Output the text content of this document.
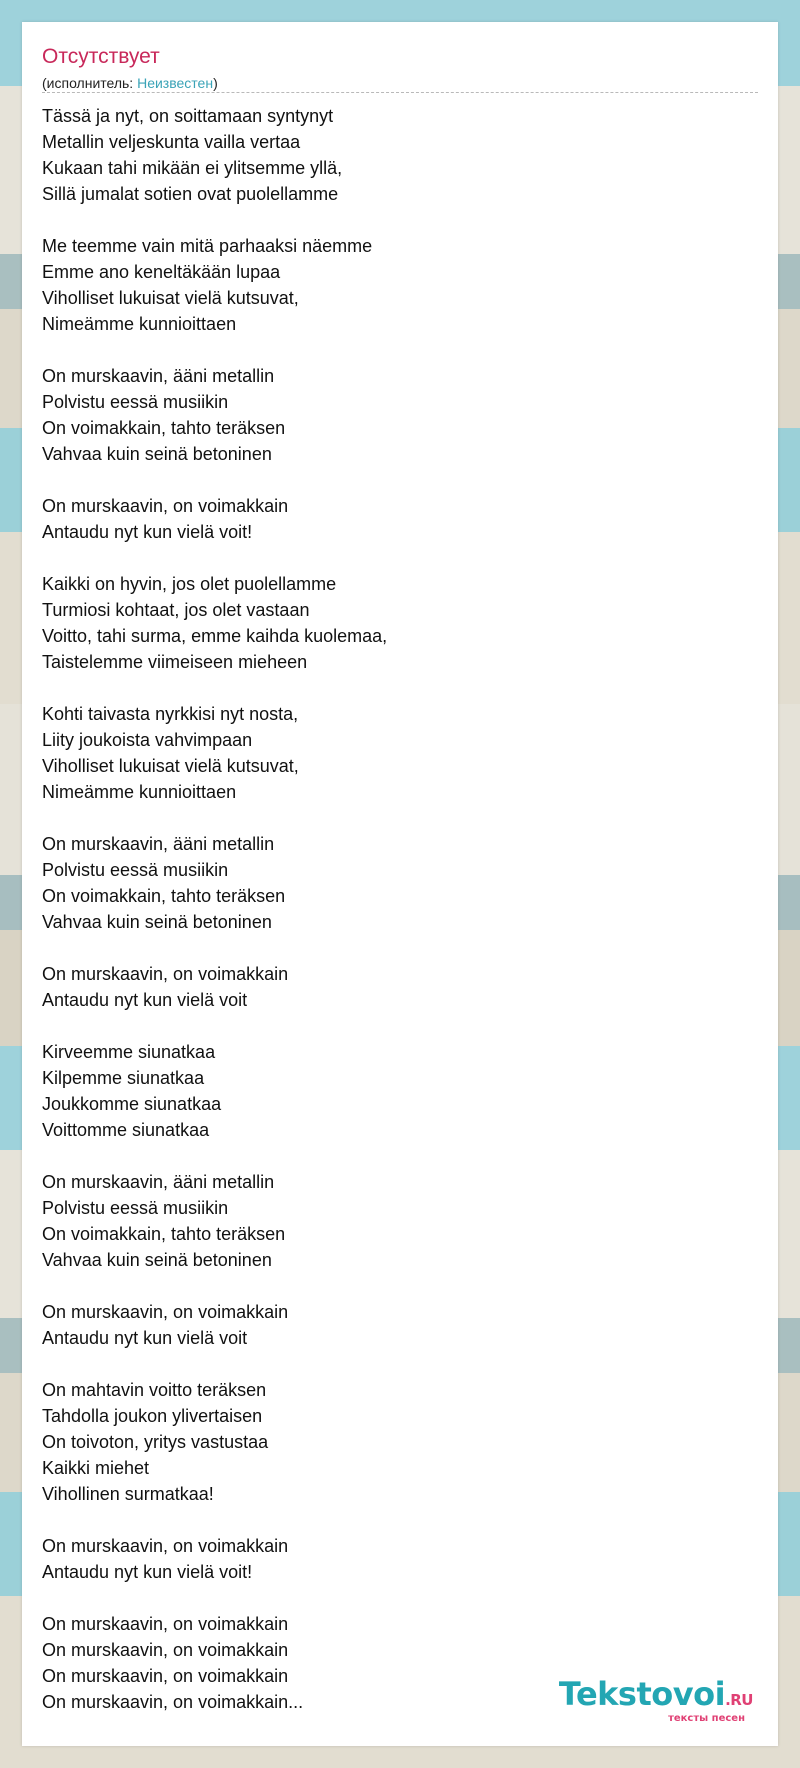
Отсутствует
(исполнитель: Неизвестен)
Tässä ja nyt, on soittamaan syntynyt
Metallin veljeskunta vailla vertaa
Kukaan tahi mikään ei ylitsemme yllä,
Sillä jumalat sotien ovat puolellamme
Me teemme vain mitä parhaaksi näemme
Emme ano keneltäkään lupaa
Viholliset lukuisat vielä kutsuvat,
Nimeämme kunnioittaen
On murskaavin, ääni metallin
Polvistu eessä musiikin
On voimakkain, tahto teräksen
Vahvaa kuin seinä betoninen
On murskaavin, on voimakkain
Antaudu nyt kun vielä voit!
Kaikki on hyvin, jos olet puolellamme
Turmiosi kohtaat, jos olet vastaan
Voitto, tahi surma, emme kaihda kuolemaa,
Taistelemme viimeiseen mieheen
Kohti taivasta nyrkkisi nyt nosta,
Liity joukoista vahvimpaan
Viholliset lukuisat vielä kutsuvat,
Nimeämme kunnioittaen
On murskaavin, ääni metallin
Polvistu eessä musiikin
On voimakkain, tahto teräksen
Vahvaa kuin seinä betoninen
On murskaavin, on voimakkain
Antaudu nyt kun vielä voit
Kirveemme siunatkaa
Kilpemme siunatkaa
Joukkomme siunatkaa
Voittomme siunatkaa
On murskaavin, ääni metallin
Polvistu eessä musiikin
On voimakkain, tahto teräksen
Vahvaa kuin seinä betoninen
On murskaavin, on voimakkain
Antaudu nyt kun vielä voit
On mahtavin voitto teräksen
Tahdolla joukon ylivertaisen
On toivoton, yritys vastustaa
Kaikki miehet
Vihollinen surmatkaa!
On murskaavin, on voimakkain
Antaudu nyt kun vielä voit!
On murskaavin, on voimakkain
On murskaavin, on voimakkain
On murskaavin, on voimakkain
On murskaavin, on voimakkain...	Tekstovoi.RU
тексты песен
